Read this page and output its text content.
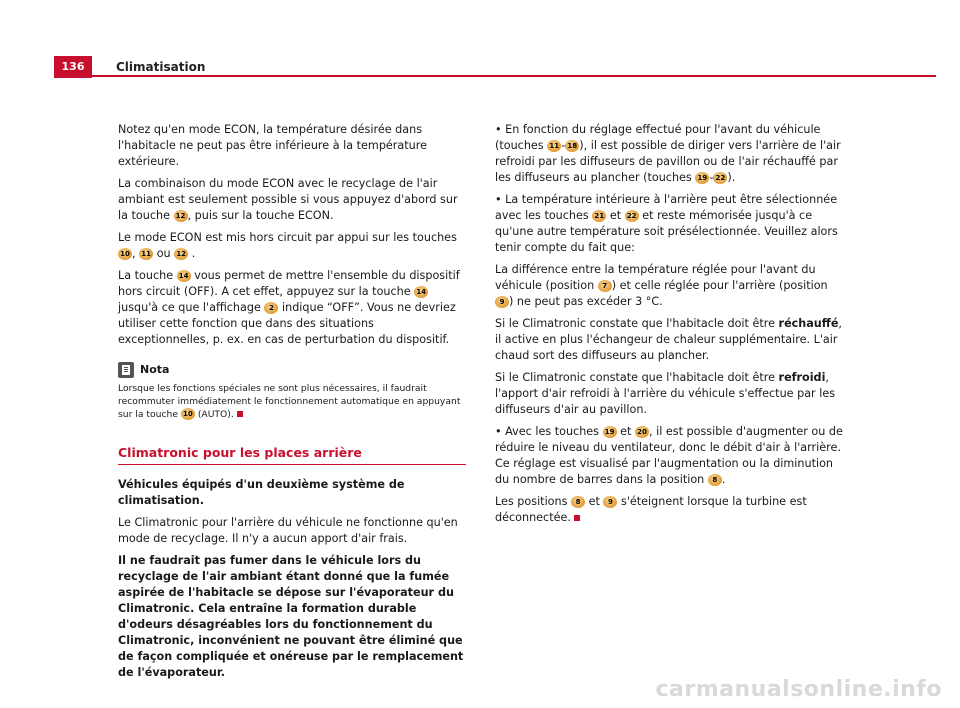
136	Climatisation

Notez qu'en mode ECON, la température désirée dans l'habitacle ne peut pas être inférieure à la température extérieure.

La combinaison du mode ECON avec le recyclage de l'air ambiant est seulement possible si vous appuyez d'abord sur la touche 12 , puis sur la touche ECON.

Le mode ECON est mis hors circuit par appui sur les touches 10 , 11 ou 12 .

La touche 14 vous permet de mettre l'ensemble du dispositif hors circuit (OFF). A cet effet, appuyez sur la touche 14 jusqu'à ce que l'affichage 2 indique “OFF”. Vous ne devriez utiliser cette fonction que dans des situations exceptionnelles, p. ex. en cas de perturbation du dispositif.

Nota

Lorsque les fonctions spéciales ne sont plus nécessaires, il faudrait recommuter immédiatement le fonctionnement automatique en appuyant sur la touche 10 (AUTO).

Climatronic pour les places arrière

Véhicules équipés d'un deuxième système de climatisation.

Le Climatronic pour l'arrière du véhicule ne fonctionne qu'en mode de recyclage. Il n'y a aucun apport d'air frais.

Il ne faudrait pas fumer dans le véhicule lors du recyclage de l'air ambiant étant donné que la fumée aspirée de l'habitacle se dépose sur l'évaporateur du Climatronic. Cela entraîne la formation durable d'odeurs désagréables lors du fonctionnement du Climatronic, inconvénient ne pouvant être éliminé que de façon compliquée et onéreuse par le remplacement de l'évaporateur.

• En fonction du réglage effectué pour l'avant du véhicule (touches 11 - 18 ), il est possible de diriger vers l'arrière de l'air refroidi par les diffuseurs de pavillon ou de l'air réchauffé par les diffuseurs au plancher (touches 19 - 22 ).

• La température intérieure à l'arrière peut être sélectionnée avec les touches 21 et 22 et reste mémorisée jusqu'à ce qu'une autre température soit présélectionnée. Veuillez alors tenir compte du fait que:

La différence entre la température réglée pour l'avant du véhicule (position 7 ) et celle réglée pour l'arrière (position 9 ) ne peut pas excéder 3 °C.

Si le Climatronic constate que l'habitacle doit être réchauffé, il active en plus l'échangeur de chaleur supplémentaire. L'air chaud sort des diffuseurs au plancher.

Si le Climatronic constate que l'habitacle doit être refroidi, l'apport d'air refroidi à l'arrière du véhicule s'effectue par les diffuseurs d'air au pavillon.

• Avec les touches 19 et 20 , il est possible d'augmenter ou de réduire le niveau du ventilateur, donc le débit d'air à l'arrière. Ce réglage est visualisé par l'augmentation ou la diminution du nombre de barres dans la position 8 .

Les positions 8 et 9 s'éteignent lorsque la turbine est déconnectée.

carmanualsonline.info
